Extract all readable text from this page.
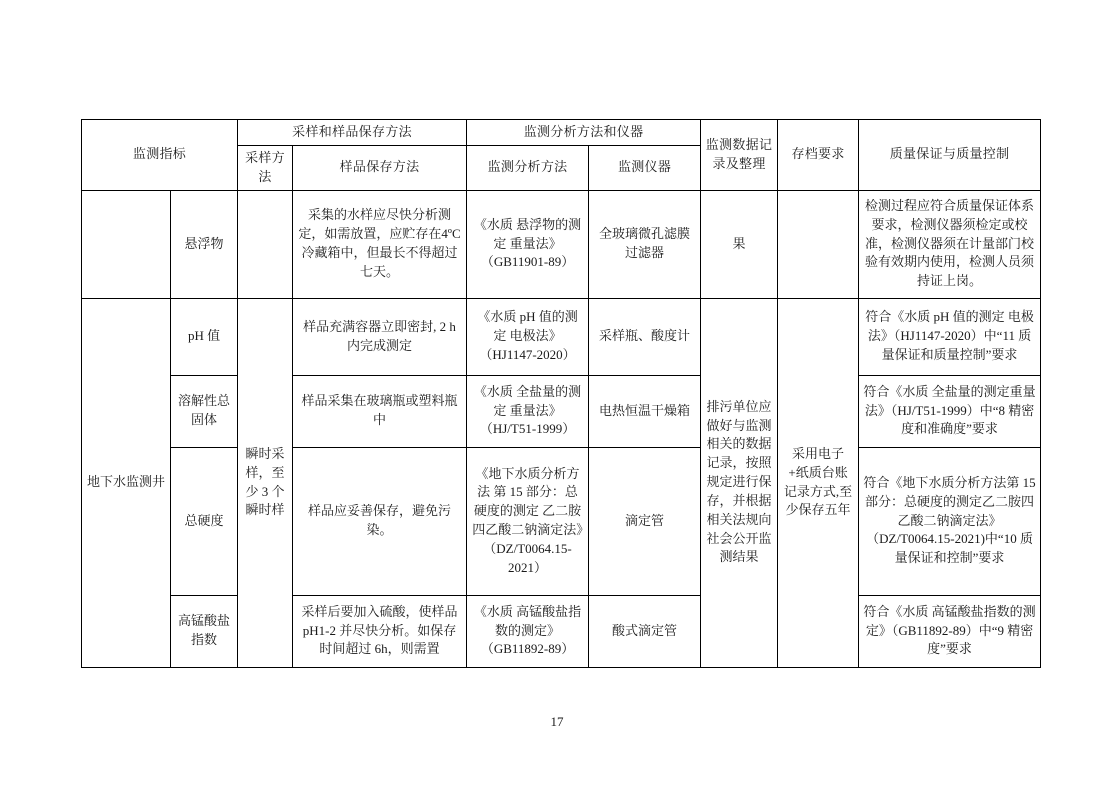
监测指标		采样和样品保存方法		监测分析方法和仪器		监测数据记录及整理	存档要求	质量保证与质量控制
		采样方法	样品保存方法	监测分析方法	监测仪器			
	悬浮物		采集的水样应尽快分析测定，如需放置，应贮存在4ºC冷藏箱中，但最长不得超过七天。	《水质 悬浮物的测定 重量法》（GB11901-89）	全玻璃微孔滤膜过滤器	果		检测过程应符合质量保证体系要求，检测仪器须检定或校准，检测仪器须在计量部门校验有效期内使用，检测人员须持证上岗。
地下水监测井	pH 值	瞬时采样，至少 3 个瞬时样	样品充满容器立即密封, 2 h 内完成测定	《水质 pH 值的测定 电极法》（HJ1147-2020）	采样瓶、酸度计	排污单位应做好与监测相关的数据记录，按照规定进行保存，并根据相关法规向社会公开监测结果	采用电子+纸质台账记录方式,至少保存五年	符合《水质 pH 值的测定 电极法》（HJ1147-2020）中“11 质量保证和质量控制”要求
	溶解性总固体		样品采集在玻璃瓶或塑料瓶中	《水质 全盐量的测定 重量法》（HJ/T51-1999）	电热恒温干燥箱			符合《水质 全盐量的测定重量法》（HJ/T51-1999）中“8 精密度和准确度”要求
	总硬度		样品应妥善保存，避免污染。	《地下水质分析方法 第 15 部分：总硬度的测定 乙二胺四乙酸二钠滴定法》（DZ/T0064.15-2021）	滴定管			符合《地下水质分析方法第 15 部分：总硬度的测定乙二胺四乙酸二钠滴定法》（DZ/T0064.15-2021)中“10 质量保证和控制”要求
	高锰酸盐指数		采样后要加入硫酸，使样品 pH1-2 并尽快分析。如保存时间超过 6h，则需置	《水质 高锰酸盐指数的测定》（GB11892-89）	酸式滴定管			符合《水质 高锰酸盐指数的测定》（GB11892-89）中“9 精密度”要求
17
